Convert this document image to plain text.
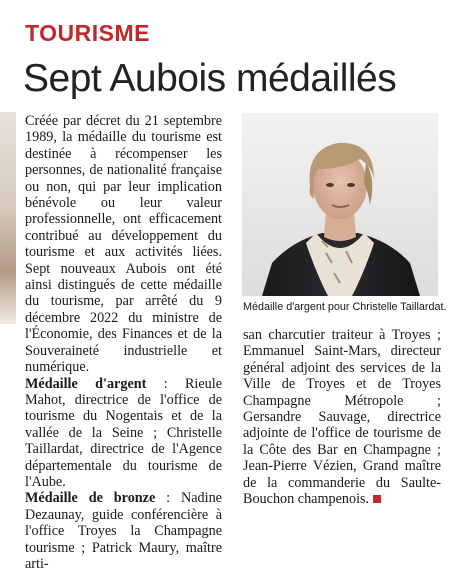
TOURISME
Sept Aubois médaillés

Créée par décret du 21 septembre 1989, la médaille du tourisme est destinée à récompenser les personnes, de nationalité française ou non, qui par leur implication bénévole ou leur valeur professionnelle, ont efficacement contribué au développement du tourisme et aux activités liées. Sept nouveaux Aubois ont été ainsi distingués de cette médaille du tourisme, par arrêté du 9 décembre 2022 du ministre de l'Économie, des Finances et de la Souveraineté industrielle et numérique.
Médaille d'argent : Rieule Mahot, directrice de l'office de tourisme du Nogentais et de la vallée de la Seine ; Christelle Taillardat, directrice de l'Agence départementale du tourisme de l'Aube.
Médaille de bronze : Nadine Dezaunay, guide conférencière à l'office Troyes la Champagne tourisme ; Patrick Maury, maître arti-

Médaille d'argent pour Christelle Taillardat.

san charcutier traiteur à Troyes ; Emmanuel Saint-Mars, directeur général adjoint des services de la Ville de Troyes et de Troyes Champagne Métropole ; Gersandre Sauvage, directrice adjointe de l'office de tourisme de la Côte des Bar en Champagne ; Jean-Pierre Vézien, Grand maître de la commanderie du Saulte-Bouchon champenois.
